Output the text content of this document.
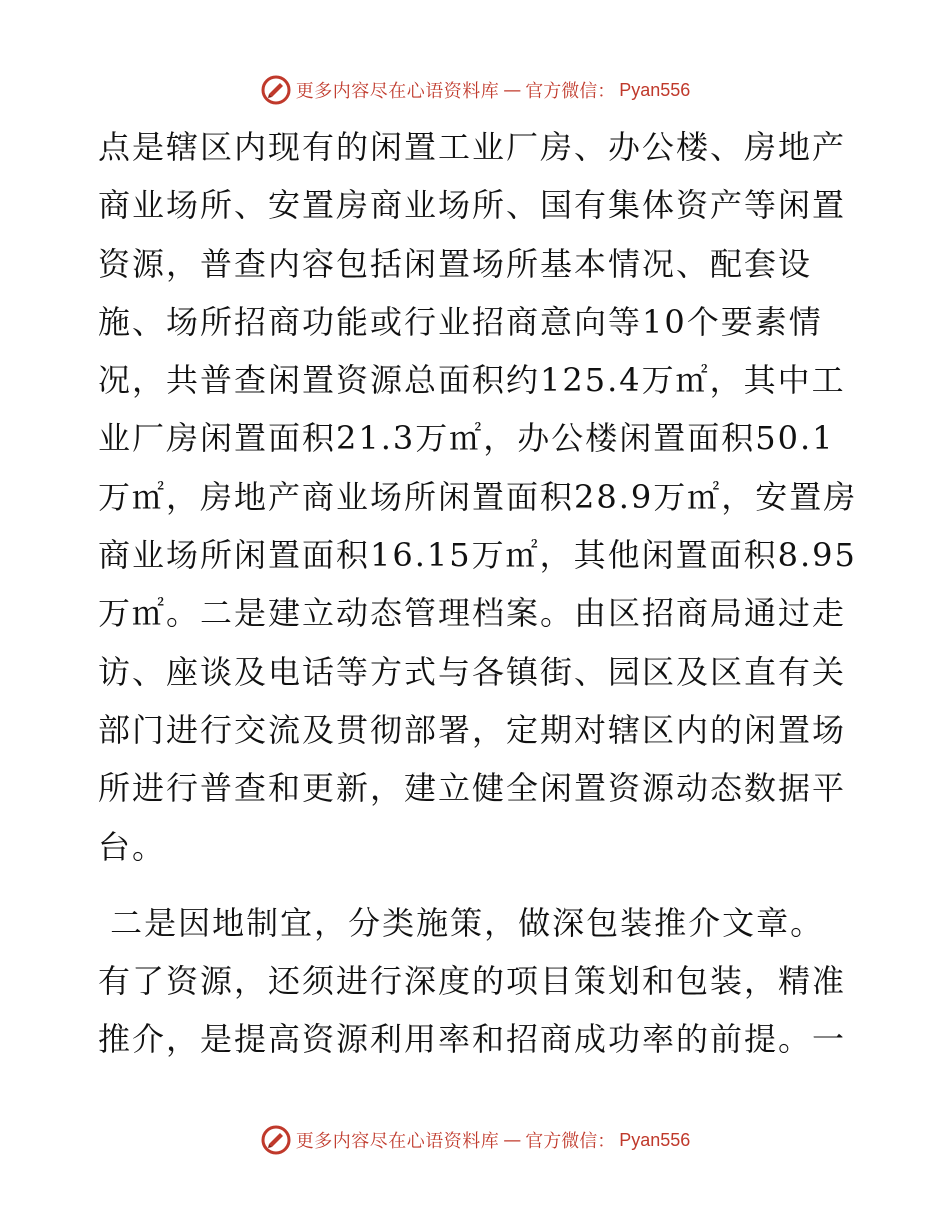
更多内容尽在心语资料库 — 官方微信： Pyan556

点是辖区内现有的闲置工业厂房、办公楼、房地产商业场所、安置房商业场所、国有集体资产等闲置资源，普查内容包括闲置场所基本情况、配套设施、场所招商功能或行业招商意向等10个要素情况，共普查闲置资源总面积约125.4万㎡，其中工业厂房闲置面积21.3万㎡，办公楼闲置面积50.1万㎡，房地产商业场所闲置面积28.9万㎡，安置房商业场所闲置面积16.15万㎡，其他闲置面积8.95万㎡。二是建立动态管理档案。由区招商局通过走访、座谈及电话等方式与各镇街、园区及区直有关部门进行交流及贯彻部署，定期对辖区内的闲置场所进行普查和更新，建立健全闲置资源动态数据平台。

二是因地制宜，分类施策，做深包装推介文章。有了资源，还须进行深度的项目策划和包装，精准推介，是提高资源利用率和招商成功率的前提。一

更多内容尽在心语资料库 — 官方微信： Pyan556
